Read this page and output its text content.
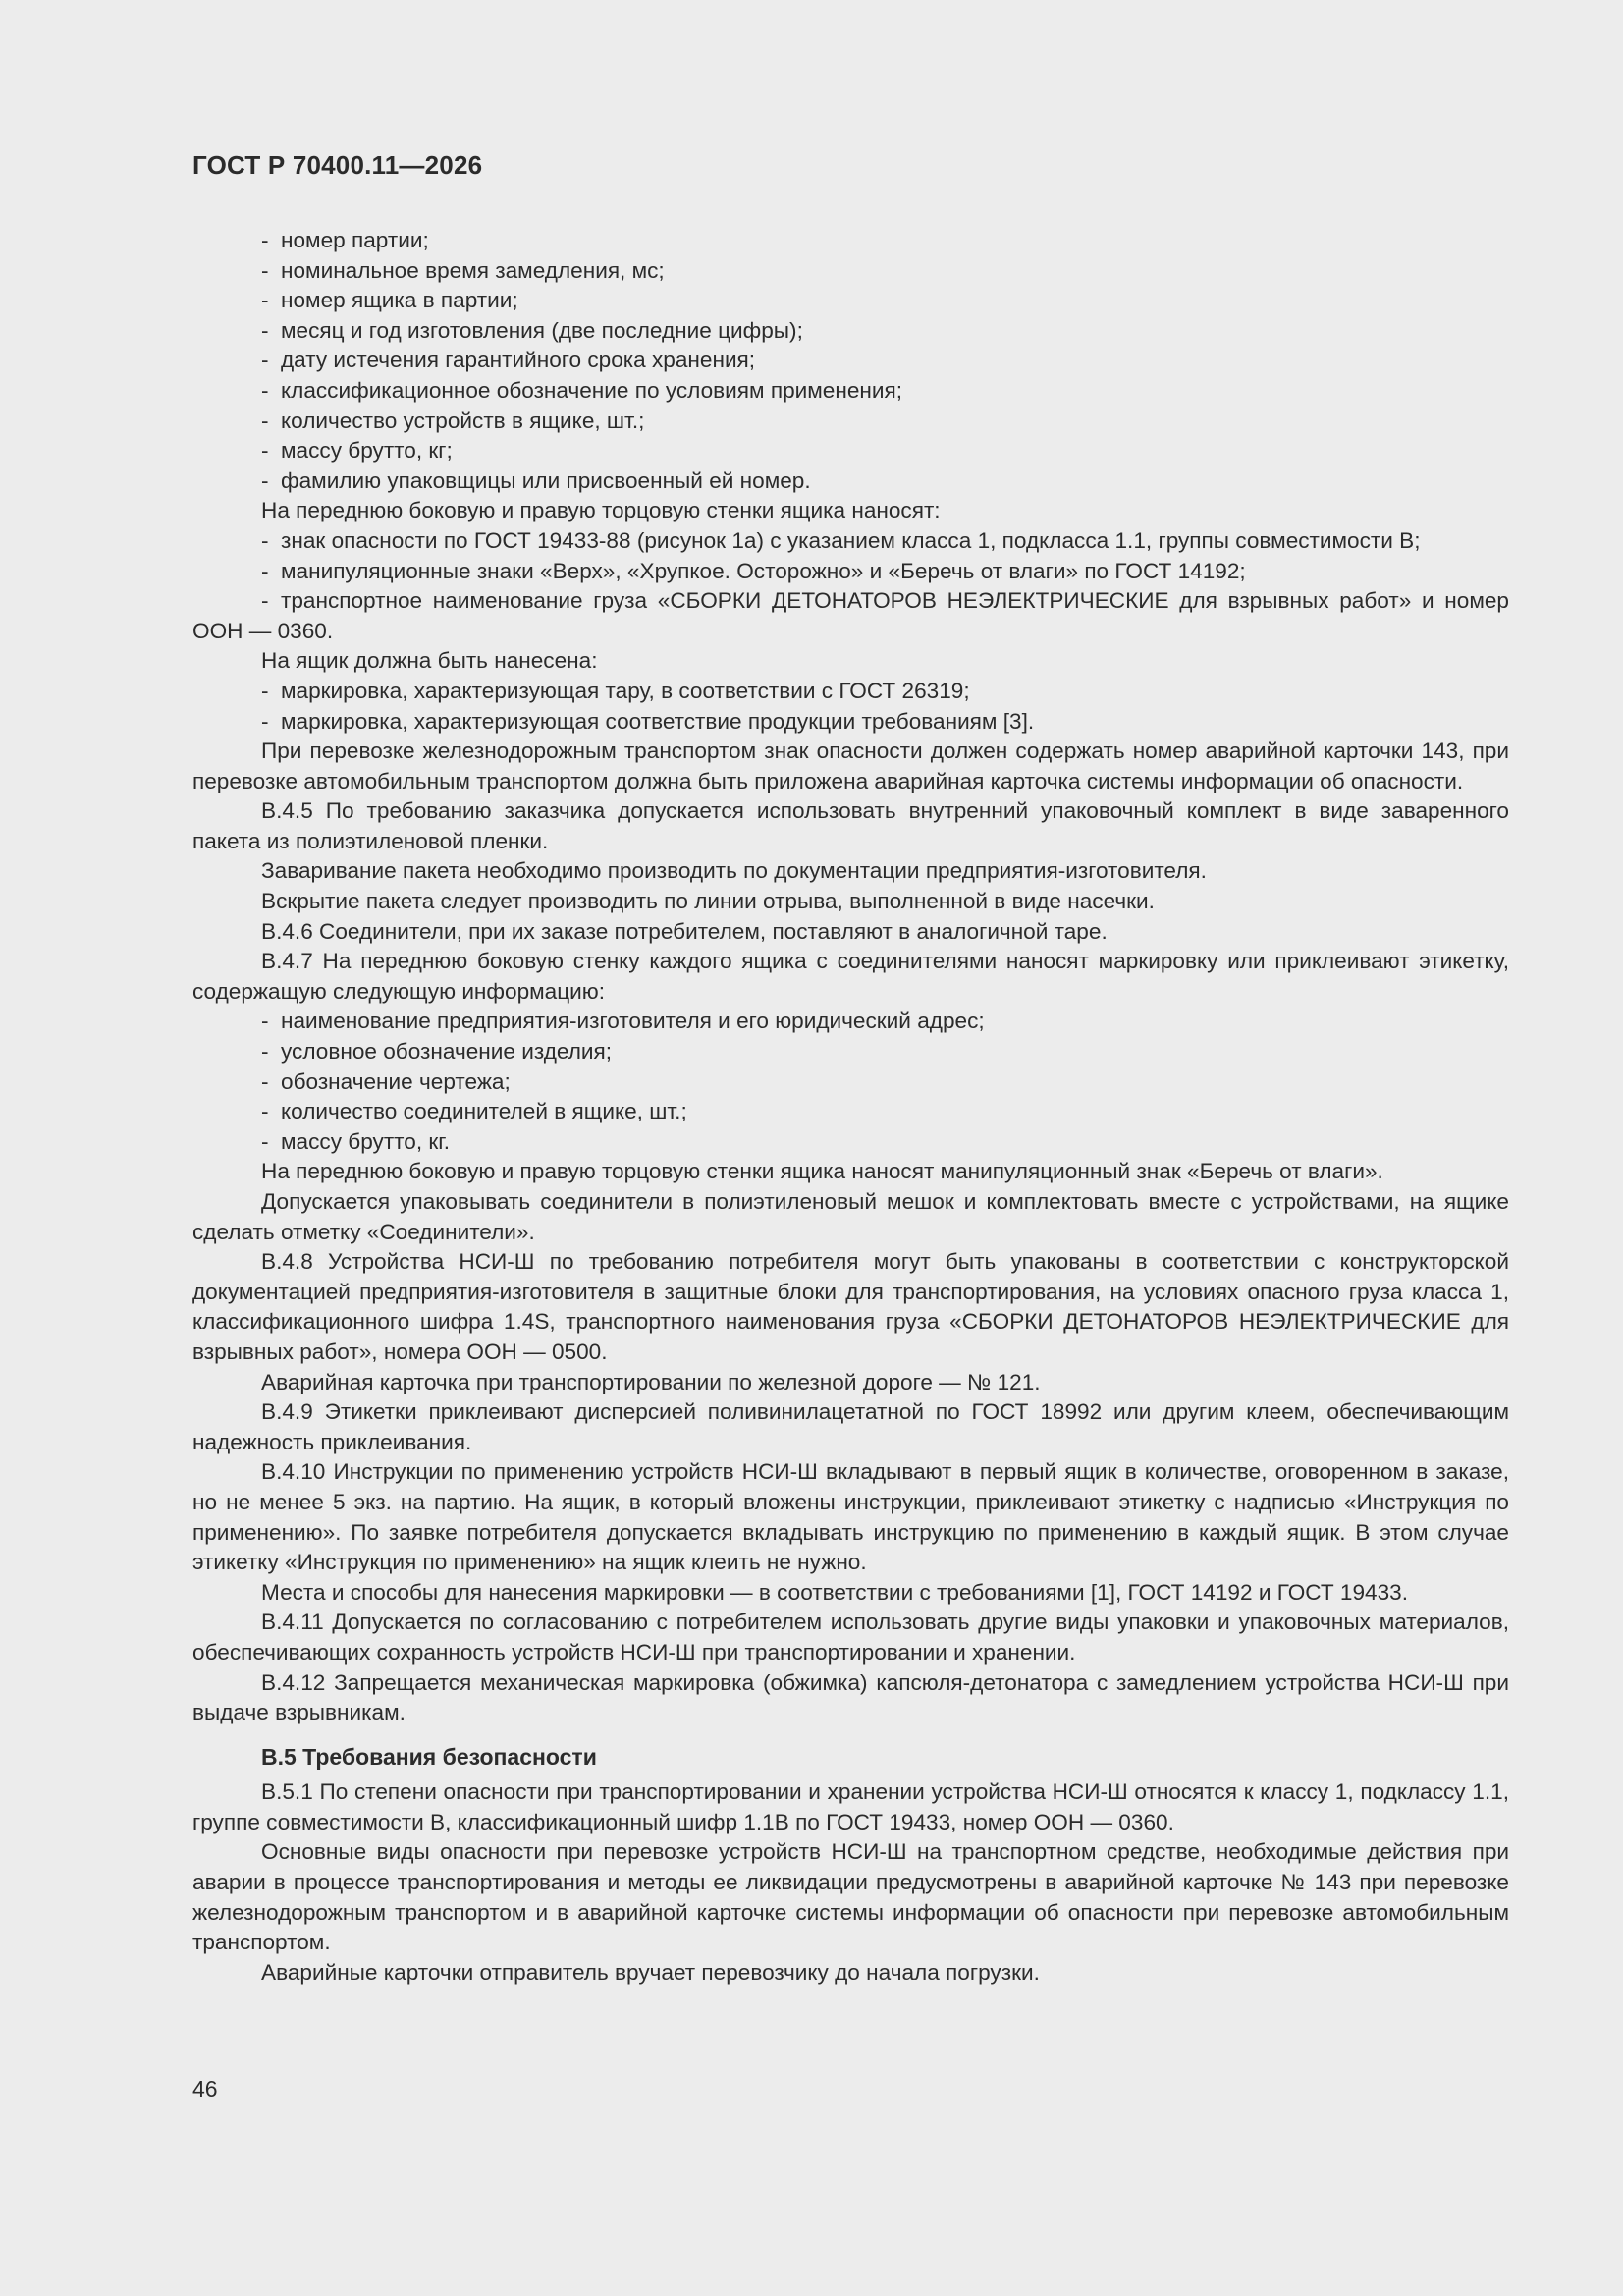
ГОСТ Р 70400.11—2026

- номер партии;

- номинальное время замедления, мс;

- номер ящика в партии;

- месяц и год изготовления (две последние цифры);

- дату истечения гарантийного срока хранения;

- классификационное обозначение по условиям применения;

- количество устройств в ящике, шт.;

- массу брутто, кг;

- фамилию упаковщицы или присвоенный ей номер.

На переднюю боковую и правую торцовую стенки ящика наносят:

- знак опасности по ГОСТ 19433-88 (рисунок 1а) с указанием класса 1, подкласса 1.1, группы совместимости В;

- манипуляционные знаки «Верх», «Хрупкое. Осторожно» и «Беречь от влаги» по ГОСТ 14192;

- транспортное наименование груза «СБОРКИ ДЕТОНАТОРОВ НЕЭЛЕКТРИЧЕСКИЕ для взрывных работ» и номер ООН — 0360.

На ящик должна быть нанесена:

- маркировка, характеризующая тару, в соответствии с ГОСТ 26319;

- маркировка, характеризующая соответствие продукции требованиям [3].

При перевозке железнодорожным транспортом знак опасности должен содержать номер аварийной карточки 143, при перевозке автомобильным транспортом должна быть приложена аварийная карточка системы информации об опасности.

В.4.5 По требованию заказчика допускается использовать внутренний упаковочный комплект в виде заваренного пакета из полиэтиленовой пленки.

Заваривание пакета необходимо производить по документации предприятия-изготовителя.

Вскрытие пакета следует производить по линии отрыва, выполненной в виде насечки.

В.4.6 Соединители, при их заказе потребителем, поставляют в аналогичной таре.

В.4.7 На переднюю боковую стенку каждого ящика с соединителями наносят маркировку или приклеивают этикетку, содержащую следующую информацию:

- наименование предприятия-изготовителя и его юридический адрес;

- условное обозначение изделия;

- обозначение чертежа;

- количество соединителей в ящике, шт.;

- массу брутто, кг.

На переднюю боковую и правую торцовую стенки ящика наносят манипуляционный знак «Беречь от влаги».

Допускается упаковывать соединители в полиэтиленовый мешок и комплектовать вместе с устройствами, на ящике сделать отметку «Соединители».

В.4.8 Устройства НСИ-Ш по требованию потребителя могут быть упакованы в соответствии с конструкторской документацией предприятия-изготовителя в защитные блоки для транспортирования, на условиях опасного груза класса 1, классификационного шифра 1.4S, транспортного наименования груза «СБОРКИ ДЕТОНАТОРОВ НЕЭЛЕКТРИЧЕСКИЕ для взрывных работ», номера ООН — 0500.

Аварийная карточка при транспортировании по железной дороге — № 121.

В.4.9 Этикетки приклеивают дисперсией поливинилацетатной по ГОСТ 18992 или другим клеем, обеспечивающим надежность приклеивания.

В.4.10 Инструкции по применению устройств НСИ-Ш вкладывают в первый ящик в количестве, оговоренном в заказе, но не менее 5 экз. на партию. На ящик, в который вложены инструкции, приклеивают этикетку с надписью «Инструкция по применению». По заявке потребителя допускается вкладывать инструкцию по применению в каждый ящик. В этом случае этикетку «Инструкция по применению» на ящик клеить не нужно.

Места и способы для нанесения маркировки — в соответствии с требованиями [1], ГОСТ 14192 и ГОСТ 19433.

В.4.11 Допускается по согласованию с потребителем использовать другие виды упаковки и упаковочных материалов, обеспечивающих сохранность устройств НСИ-Ш при транспортировании и хранении.

В.4.12 Запрещается механическая маркировка (обжимка) капсюля-детонатора с замедлением устройства НСИ-Ш при выдаче взрывникам.

В.5 Требования безопасности

В.5.1 По степени опасности при транспортировании и хранении устройства НСИ-Ш относятся к классу 1, подклассу 1.1, группе совместимости В, классификационный шифр 1.1В по ГОСТ 19433, номер ООН — 0360.

Основные виды опасности при перевозке устройств НСИ-Ш на транспортном средстве, необходимые действия при аварии в процессе транспортирования и методы ее ликвидации предусмотрены в аварийной карточке № 143 при перевозке железнодорожным транспортом и в аварийной карточке системы информации об опасности при перевозке автомобильным транспортом.

Аварийные карточки отправитель вручает перевозчику до начала погрузки.

46
